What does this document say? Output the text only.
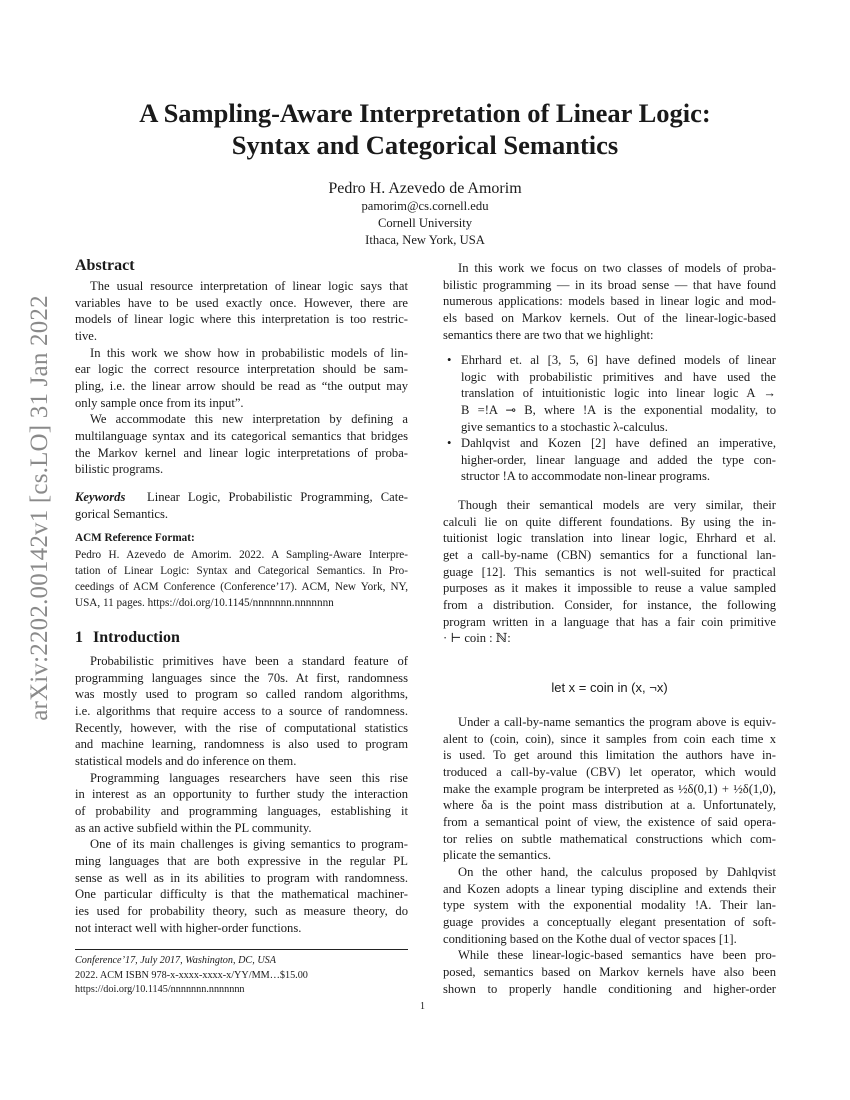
arXiv:2202.00142v1 [cs.LO] 31 Jan 2022
A Sampling-Aware Interpretation of Linear Logic:
Syntax and Categorical Semantics
Pedro H. Azevedo de Amorim
pamorim@cs.cornell.edu
Cornell University
Ithaca, New York, USA
Abstract
The usual resource interpretation of linear logic says that
variables have to be used exactly once. However, there are
models of linear logic where this interpretation is too restric-
tive.
In this work we show how in probabilistic models of lin-
ear logic the correct resource interpretation should be sam-
pling, i.e. the linear arrow should be read as “the output may
only sample once from its input”.
We accommodate this new interpretation by defining a
multilanguage syntax and its categorical semantics that bridges
the Markov kernel and linear logic interpretations of proba-
bilistic programs.
Keywords	Linear Logic, Probabilistic Programming, Cate-
gorical Semantics.
ACM Reference Format:
Pedro H. Azevedo de Amorim. 2022. A Sampling-Aware Interpre-
tation of Linear Logic: Syntax and Categorical Semantics. In Pro-
ceedings of ACM Conference (Conference’17). ACM, New York, NY,
USA, 11 pages. https://doi.org/10.1145/nnnnnnn.nnnnnnn
1 Introduction
Probabilistic primitives have been a standard feature of
programming languages since the 70s. At first, randomness
was mostly used to program so called random algorithms,
i.e. algorithms that require access to a source of randomness.
Recently, however, with the rise of computational statistics
and machine learning, randomness is also used to program
statistical models and do inference on them.
Programming languages researchers have seen this rise
in interest as an opportunity to further study the interaction
of probability and programming languages, establishing it
as an active subfield within the PL community.
One of its main challenges is giving semantics to program-
ming languages that are both expressive in the regular PL
sense as well as in its abilities to program with randomness.
One particular difficulty is that the mathematical machiner-
ies used for probability theory, such as measure theory, do
not interact well with higher-order functions.
Conference’17, July 2017, Washington, DC, USA
2022. ACM ISBN 978-x-xxxx-xxxx-x/YY/MM…$15.00
https://doi.org/10.1145/nnnnnnn.nnnnnnn
1
In this work we focus on two classes of models of proba-
bilistic programming — in its broad sense — that have found
numerous applications: models based in linear logic and mod-
els based on Markov kernels. Out of the linear-logic-based
semantics there are two that we highlight:
• Ehrhard et. al [3, 5, 6] have defined models of linear
logic with probabilistic primitives and have used the
translation of intuitionistic logic into linear logic A →
B =!A ⊸ B, where !A is the exponential modality, to
give semantics to a stochastic λ-calculus.
• Dahlqvist and Kozen [2] have defined an imperative,
higher-order, linear language and added the type con-
structor !A to accommodate non-linear programs.
Though their semantical models are very similar, their
calculi lie on quite different foundations. By using the in-
tuitionist logic translation into linear logic, Ehrhard et al.
get a call-by-name (CBN) semantics for a functional lan-
guage [12]. This semantics is not well-suited for practical
purposes as it makes it impossible to reuse a value sampled
from a distribution. Consider, for instance, the following
program written in a language that has a fair coin primitive
· ⊢ coin : ℕ:
let x = coin in (x, ¬x)
Under a call-by-name semantics the program above is equiv-
alent to (coin, coin), since it samples from coin each time x
is used. To get around this limitation the authors have in-
troduced a call-by-value (CBV) let operator, which would
make the example program be interpreted as ½δ(0,1) + ½δ(1,0),
where δa is the point mass distribution at a. Unfortunately,
from a semantical point of view, the existence of said opera-
tor relies on subtle mathematical constructions which com-
plicate the semantics.
On the other hand, the calculus proposed by Dahlqvist
and Kozen adopts a linear typing discipline and extends their
type system with the exponential modality !A. Their lan-
guage provides a conceptually elegant presentation of soft-
conditioning based on the Kothe dual of vector spaces [1].
While these linear-logic-based semantics have been pro-
posed, semantics based on Markov kernels have also been
shown to properly handle conditioning and higher-order
